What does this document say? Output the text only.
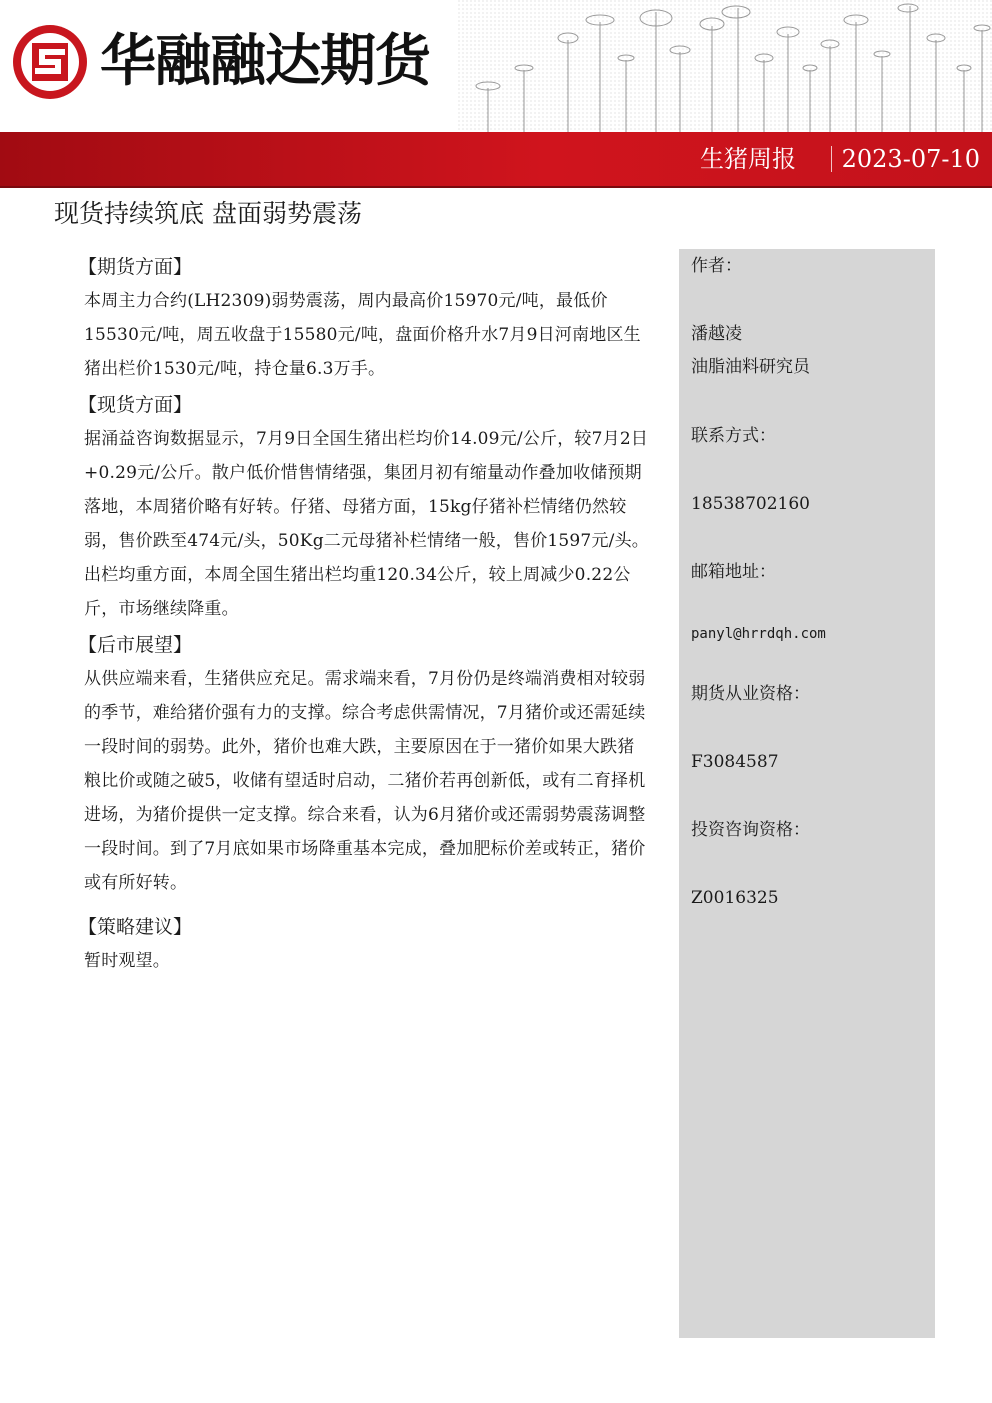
华融融达期货
生猪周报 2023-07-10
现货持续筑底 盘面弱势震荡
【期货方面】
本周主力合约(LH2309)弱势震荡，周内最高价15970元/吨，最低价15530元/吨，周五收盘于15580元/吨，盘面价格升水7月9日河南地区生猪出栏价1530元/吨，持仓量6.3万手。
【现货方面】
据涌益咨询数据显示，7月9日全国生猪出栏均价14.09元/公斤，较7月2日+0.29元/公斤。散户低价惜售情绪强，集团月初有缩量动作叠加收储预期落地，本周猪价略有好转。仔猪、母猪方面，15kg仔猪补栏情绪仍然较弱，售价跌至474元/头，50Kg二元母猪补栏情绪一般，售价1597元/头。出栏均重方面，本周全国生猪出栏均重120.34公斤，较上周减少0.22公斤，市场继续降重。
【后市展望】
从供应端来看，生猪供应充足。需求端来看，7月份仍是终端消费相对较弱的季节，难给猪价强有力的支撑。综合考虑供需情况，7月猪价或还需延续一段时间的弱势。此外，猪价也难大跌，主要原因在于一猪价如果大跌猪粮比价或随之破5，收储有望适时启动，二猪价若再创新低，或有二育择机进场，为猪价提供一定支撑。综合来看，认为6月猪价或还需弱势震荡调整一段时间。到了7月底如果市场降重基本完成，叠加肥标价差或转正，猪价或有所好转。
【策略建议】
暂时观望。
作者：
潘越凌
油脂油料研究员
联系方式：
18538702160
邮箱地址：
panyl@hrrdqh.com
期货从业资格：
F3084587
投资咨询资格：
Z0016325
